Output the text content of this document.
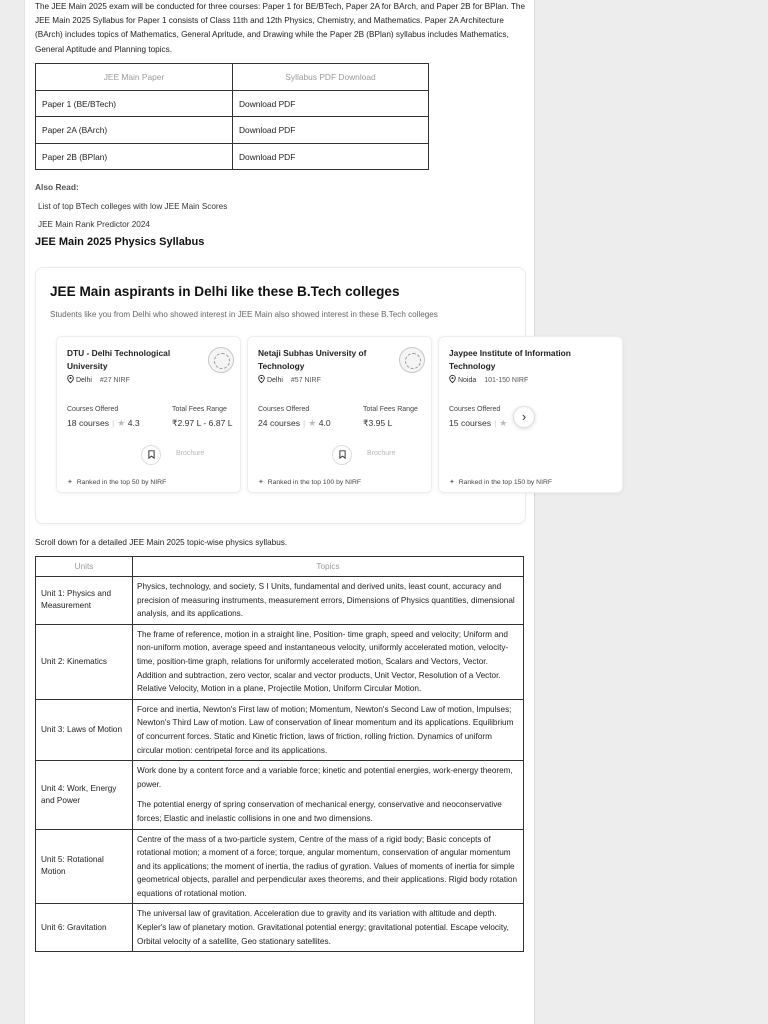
The JEE Main 2025 exam will be conducted for three courses: Paper 1 for BE/BTech, Paper 2A for BArch, and Paper 2B for BPlan. The JEE Main 2025 Syllabus for Paper 1 consists of Class 11th and 12th Physics, Chemistry, and Mathematics. Paper 2A Architecture (BArch) includes topics of Mathematics, General Apritude, and Drawing while the Paper 2B (BPlan) syllabus includes Mathematics, General Aptitude and Planning topics.

JEE Main Paper	Syllabus PDF Download
Paper 1 (BE/BTech)	Download PDF
Paper 2A (BArch)	Download PDF
Paper 2B (BPlan)	Download PDF

Also Read:

List of top BTech colleges with low JEE Main Scores
JEE Main Rank Predictor 2024

JEE Main 2025 Physics Syllabus

JEE Main aspirants in Delhi like these B.Tech colleges

Students like you from Delhi who showed interest in JEE Main also showed interest in these B.Tech colleges

DTU - Delhi Technological University
Delhi #27 NIRF
Courses Offered	Total Fees Range
18 courses | ★ 4.3	₹2.97 L - 6.87 L
Brochure
✦ Ranked in the top 50 by NIRF
Netaji Subhas University of Technology
Delhi #57 NIRF
Courses Offered	Total Fees Range
24 courses | ★ 4.0	₹3.95 L
Brochure
✦ Ranked in the top 100 by NIRF
Jaypee Institute of Information Technology
Noida 101-150 NIRF
Courses Offered
15 courses | ★
✦ Ranked in the top 150 by NIRF
›

Scroll down for a detailed JEE Main 2025 topic-wise physics syllabus.

Units	Topics
Unit 1: Physics and Measurement	Physics, technology, and society, S I Units, fundamental and derived units, least count, accuracy and precision of measuring instruments, measurement errors, Dimensions of Physics quantities, dimensional analysis, and its applications.

Unit 2: Kinematics	The frame of reference, motion in a straight line, Position- time graph, speed and velocity; Uniform and non-uniform motion, average speed and instantaneous velocity, uniformly accelerated motion, velocity-time, position-time graph, relations for uniformly accelerated motion, Scalars and Vectors, Vector. Addition and subtraction, zero vector, scalar and vector products, Unit Vector, Resolution of a Vector. Relative Velocity, Motion in a plane, Projectile Motion, Uniform Circular Motion.

Unit 3: Laws of Motion	Force and inertia, Newton's First law of motion; Momentum, Newton's Second Law of motion, Impulses; Newton's Third Law of motion. Law of conservation of linear momentum and its applications. Equilibrium of concurrent forces. Static and Kinetic friction, laws of friction, rolling friction. Dynamics of uniform circular motion: centripetal force and its applications.

Unit 4: Work, Energy and Power	Work done by a content force and a variable force; kinetic and potential energies, work-energy theorem, power.

The potential energy of spring conservation of mechanical energy, conservative and neoconservative forces; Elastic and inelastic collisions in one and two dimensions.

Unit 5: Rotational Motion	Centre of the mass of a two-particle system, Centre of the mass of a rigid body; Basic concepts of rotational motion; a moment of a force; torque, angular momentum, conservation of angular momentum and its applications; the moment of inertia, the radius of gyration. Values of moments of inertia for simple geometrical objects, parallel and perpendicular axes theorems, and their applications. Rigid body rotation equations of rotational motion.

Unit 6: Gravitation	The universal law of gravitation. Acceleration due to gravity and its variation with altitude and depth. Kepler's law of planetary motion. Gravitational potential energy; gravitational potential. Escape velocity, Orbital velocity of a satellite, Geo stationary satellites.
